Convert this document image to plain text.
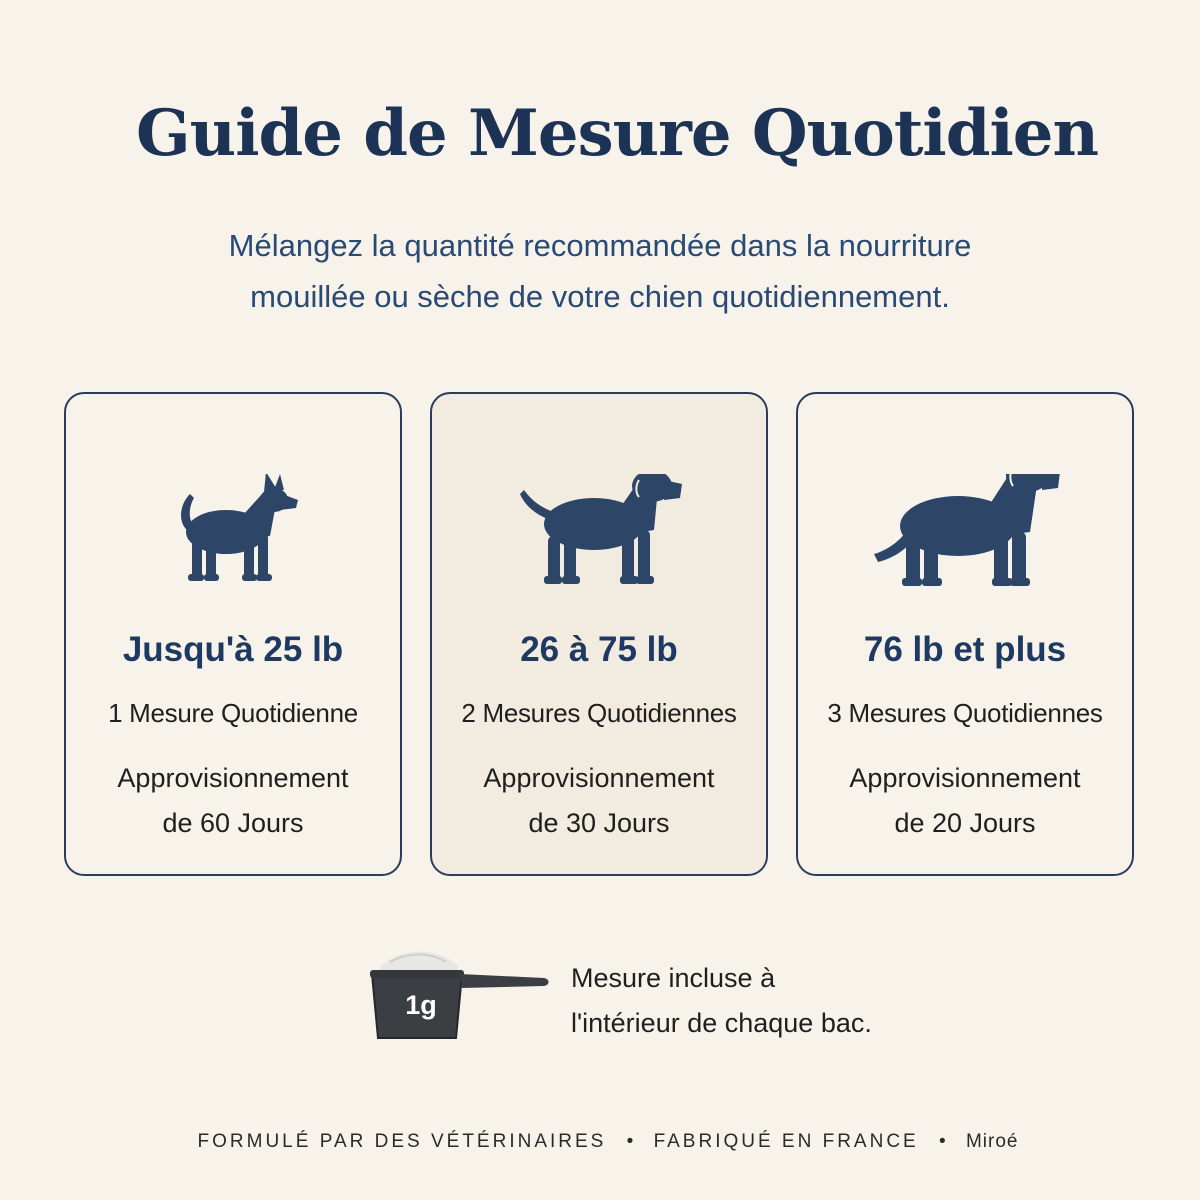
Guide de Mesure Quotidien
Mélangez la quantité recommandée dans la nourriture
mouillée ou sèche de votre chien quotidiennement.
Jusqu'à 25 lb
1 Mesure Quotidienne
Approvisionnement
de 60 Jours
26 à 75 lb
2 Mesures Quotidiennes
Approvisionnement
de 30 Jours
76 lb et plus
3 Mesures Quotidiennes
Approvisionnement
de 20 Jours
1g
Mesure incluse à
l'intérieur de chaque bac.
FORMULÉ PAR DES VÉTÉRINAIRES • FABRIQUÉ EN FRANCE • Miroé
